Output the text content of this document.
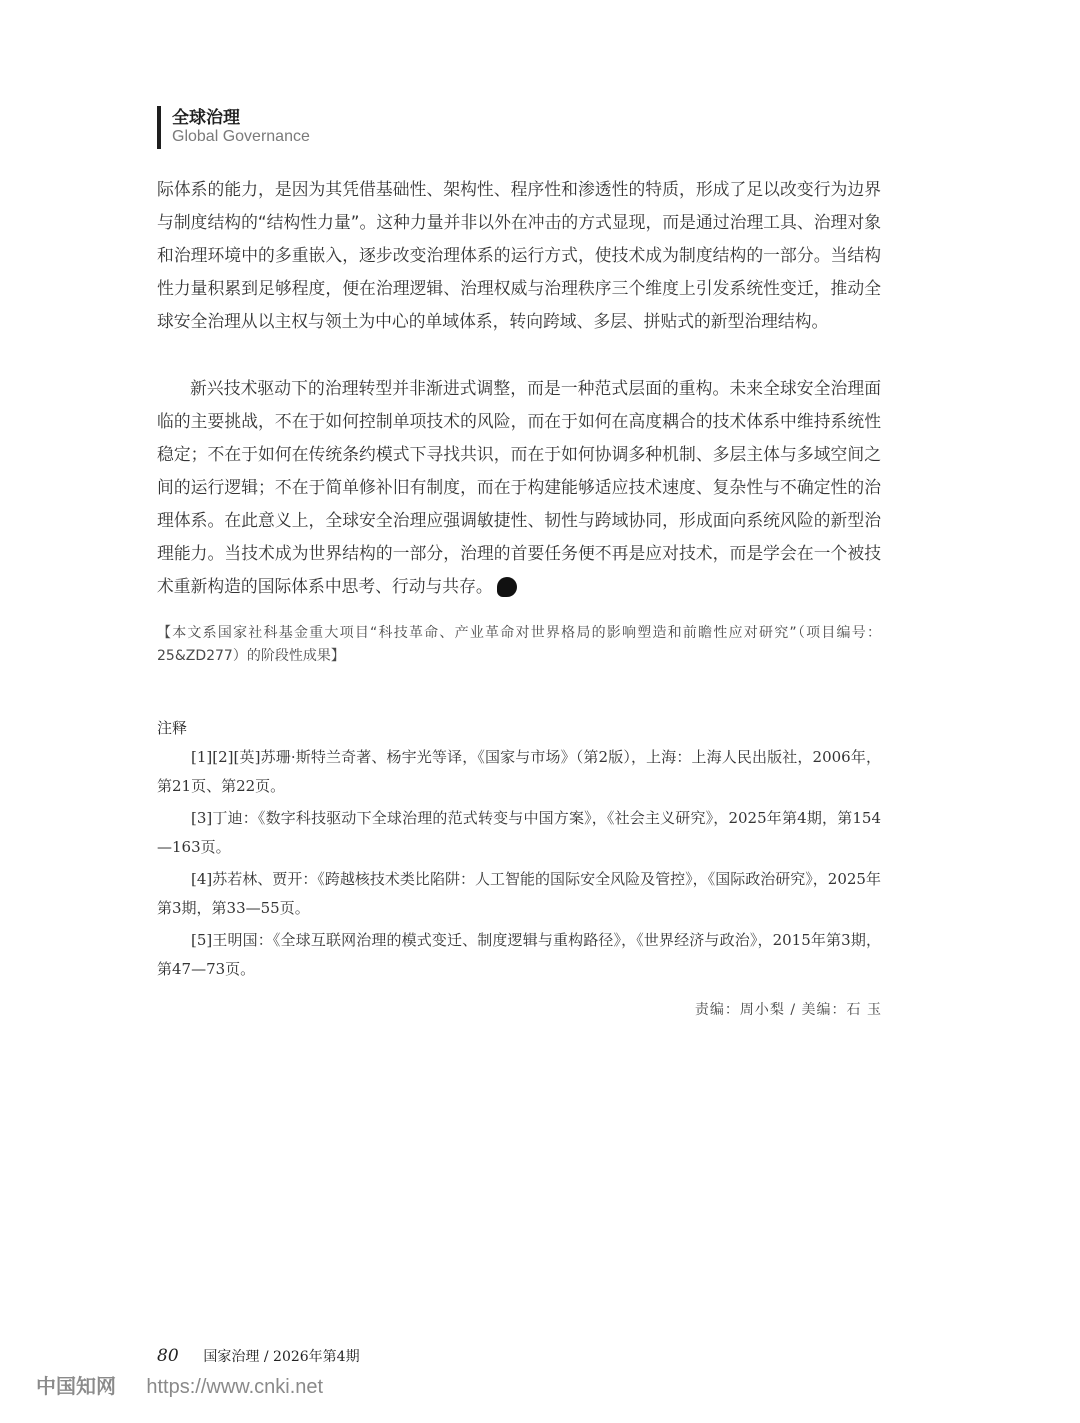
全球治理
Global Governance

际体系的能力，是因为其凭借基础性、架构性、程序性和渗透性的特质，形成了足以改变行为边界与制度结构的“结构性力量”。这种力量并非以外在冲击的方式显现，而是通过治理工具、治理对象和治理环境中的多重嵌入，逐步改变治理体系的运行方式，使技术成为制度结构的一部分。当结构性力量积累到足够程度，便在治理逻辑、治理权威与治理秩序三个维度上引发系统性变迁，推动全球安全治理从以主权与领土为中心的单域体系，转向跨域、多层、拼贴式的新型治理结构。

新兴技术驱动下的治理转型并非渐进式调整，而是一种范式层面的重构。未来全球安全治理面临的主要挑战，不在于如何控制单项技术的风险，而在于如何在高度耦合的技术体系中维持系统性稳定；不在于如何在传统条约模式下寻找共识，而在于如何协调多种机制、多层主体与多域空间之间的运行逻辑；不在于简单修补旧有制度，而在于构建能够适应技术速度、复杂性与不确定性的治理体系。在此意义上，全球安全治理应强调敏捷性、韧性与跨域协同，形成面向系统风险的新型治理能力。当技术成为世界结构的一部分，治理的首要任务便不再是应对技术，而是学会在一个被技术重新构造的国际体系中思考、行动与共存。	G

【本文系国家社科基金重大项目“科技革命、产业革命对世界格局的影响塑造和前瞻性应对研究”（项目编号：25&ZD277）的阶段性成果】

注释

[1][2][英]苏珊·斯特兰奇著、杨宇光等译，《国家与市场》（第2版），上海：上海人民出版社，2006年，第21页、第22页。

[3]丁迪：《数字科技驱动下全球治理的范式转变与中国方案》，《社会主义研究》，2025年第4期，第154—163页。

[4]苏若林、贾开：《跨越核技术类比陷阱：人工智能的国际安全风险及管控》，《国际政治研究》，2025年第3期，第33—55页。

[5]王明国：《全球互联网治理的模式变迁、制度逻辑与重构路径》，《世界经济与政治》，2015年第3期，第47—73页。

责编：周小梨 / 美编：石 玉
80 国家治理 / 2026年第4期
中国知网 https://www.cnki.net
